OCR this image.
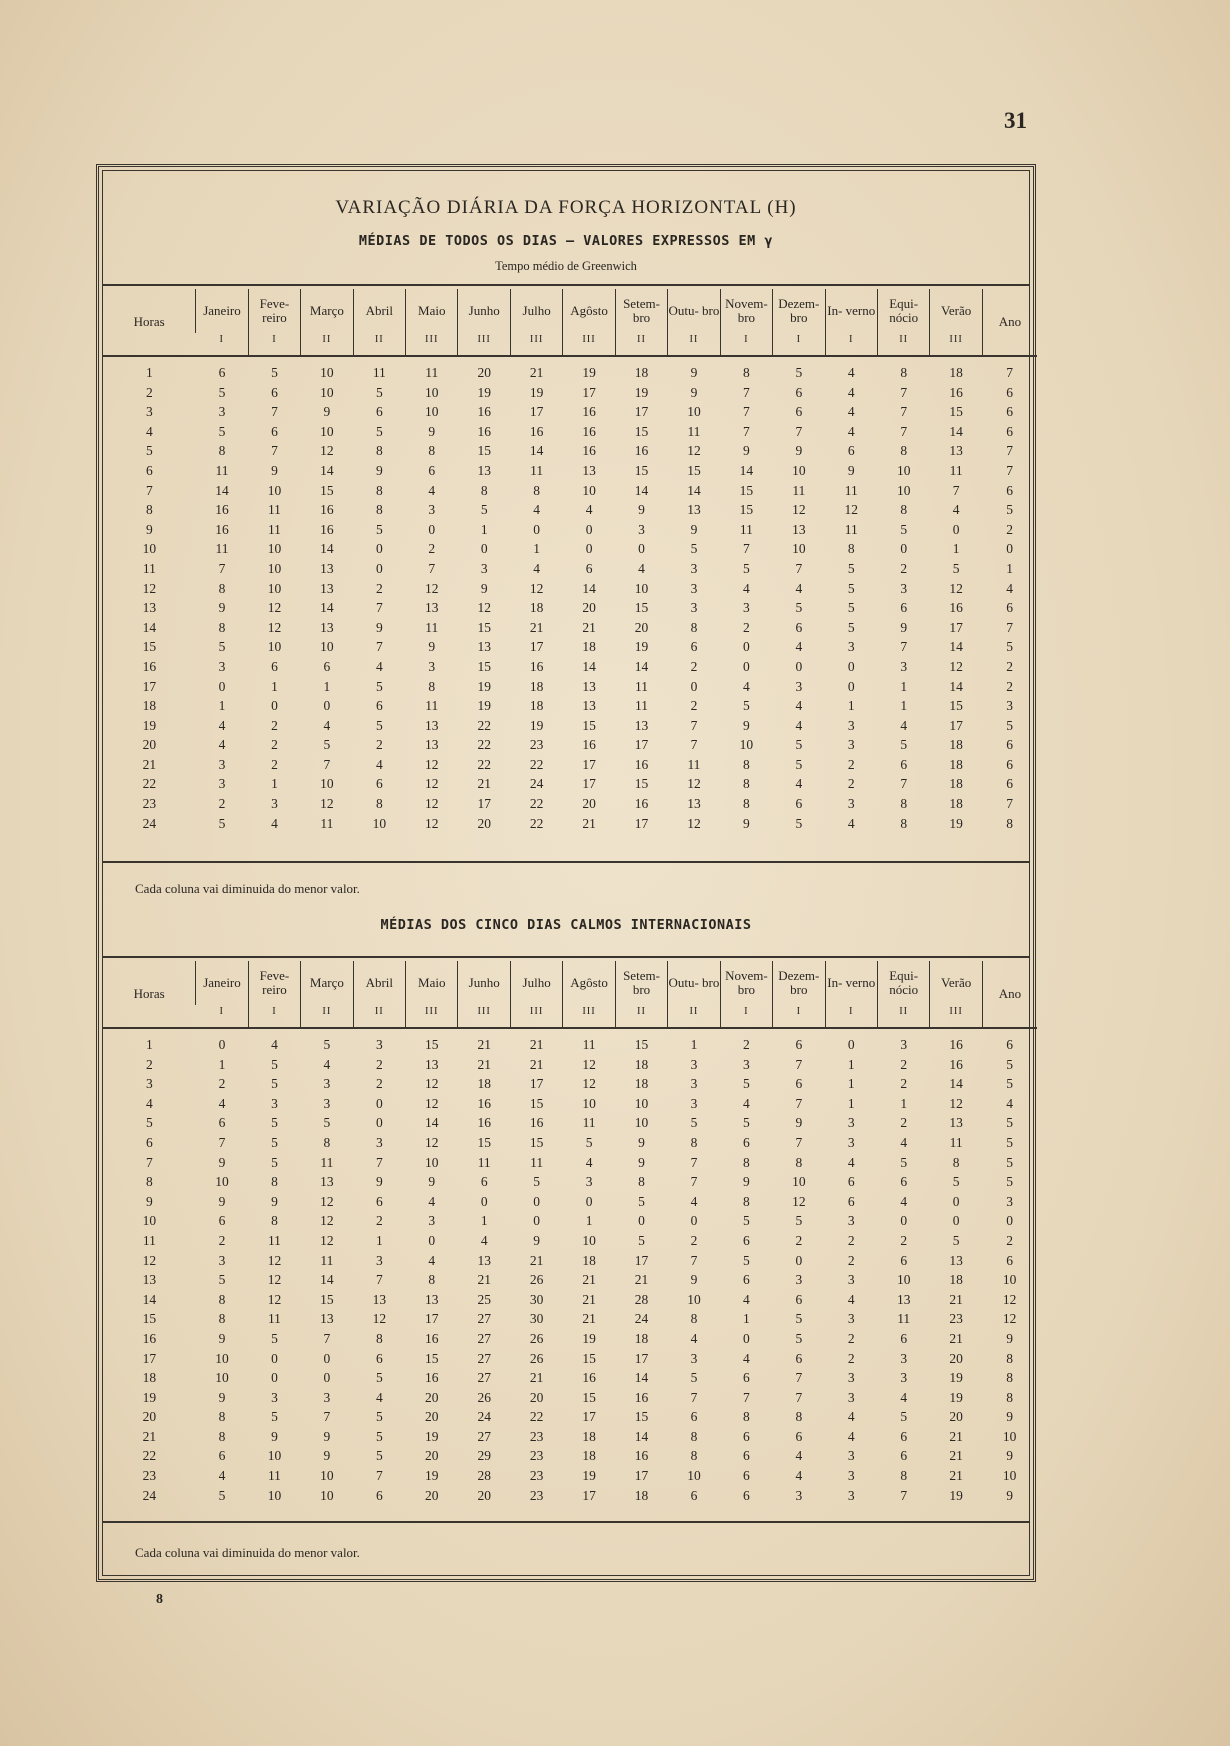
31
VARIAÇÃO DIÁRIA DA FORÇA HORIZONTAL (H)
MÉDIAS DE TODOS OS DIAS — VALORES EXPRESSOS EM γ
Tempo médio de Greenwich
Horas	Janeiro	Feve- reiro	Março	Abril	Maio	Junho	Julho	Agôsto	Setem- bro	Outu- bro	Novem- bro	Dezem- bro	In- verno	Equi- nócio	Verão	Ano
	I	I	II	II	III	III	III	III	II	II	I	I	I	II	III	
1	6	5	10	11	11	20	21	19	18	9	8	5	4	8	18	7
2	5	6	10	5	10	19	19	17	19	9	7	6	4	7	16	6
3	3	7	9	6	10	16	17	16	17	10	7	6	4	7	15	6
4	5	6	10	5	9	16	16	16	15	11	7	7	4	7	14	6
5	8	7	12	8	8	15	14	16	16	12	9	9	6	8	13	7
6	11	9	14	9	6	13	11	13	15	15	14	10	9	10	11	7
7	14	10	15	8	4	8	8	10	14	14	15	11	11	10	7	6
8	16	11	16	8	3	5	4	4	9	13	15	12	12	8	4	5
9	16	11	16	5	0	1	0	0	3	9	11	13	11	5	0	2
10	11	10	14	0	2	0	1	0	0	5	7	10	8	0	1	0
11	7	10	13	0	7	3	4	6	4	3	5	7	5	2	5	1
12	8	10	13	2	12	9	12	14	10	3	4	4	5	3	12	4
13	9	12	14	7	13	12	18	20	15	3	3	5	5	6	16	6
14	8	12	13	9	11	15	21	21	20	8	2	6	5	9	17	7
15	5	10	10	7	9	13	17	18	19	6	0	4	3	7	14	5
16	3	6	6	4	3	15	16	14	14	2	0	0	0	3	12	2
17	0	1	1	5	8	19	18	13	11	0	4	3	0	1	14	2
18	1	0	0	6	11	19	18	13	11	2	5	4	1	1	15	3
19	4	2	4	5	13	22	19	15	13	7	9	4	3	4	17	5
20	4	2	5	2	13	22	23	16	17	7	10	5	3	5	18	6
21	3	2	7	4	12	22	22	17	16	11	8	5	2	6	18	6
22	3	1	10	6	12	21	24	17	15	12	8	4	2	7	18	6
23	2	3	12	8	12	17	22	20	16	13	8	6	3	8	18	7
24	5	4	11	10	12	20	22	21	17	12	9	5	4	8	19	8
Cada coluna vai diminuida do menor valor.
MÉDIAS DOS CINCO DIAS CALMOS INTERNACIONAIS
Horas	Janeiro	Feve- reiro	Março	Abril	Maio	Junho	Julho	Agôsto	Setem- bro	Outu- bro	Novem- bro	Dezem- bro	In- verno	Equi- nócio	Verão	Ano
	I	I	II	II	III	III	III	III	II	II	I	I	I	II	III	
1	0	4	5	3	15	21	21	11	15	1	2	6	0	3	16	6
2	1	5	4	2	13	21	21	12	18	3	3	7	1	2	16	5
3	2	5	3	2	12	18	17	12	18	3	5	6	1	2	14	5
4	4	3	3	0	12	16	15	10	10	3	4	7	1	1	12	4
5	6	5	5	0	14	16	16	11	10	5	5	9	3	2	13	5
6	7	5	8	3	12	15	15	5	9	8	6	7	3	4	11	5
7	9	5	11	7	10	11	11	4	9	7	8	8	4	5	8	5
8	10	8	13	9	9	6	5	3	8	7	9	10	6	6	5	5
9	9	9	12	6	4	0	0	0	5	4	8	12	6	4	0	3
10	6	8	12	2	3	1	0	1	0	0	5	5	3	0	0	0
11	2	11	12	1	0	4	9	10	5	2	6	2	2	2	5	2
12	3	12	11	3	4	13	21	18	17	7	5	0	2	6	13	6
13	5	12	14	7	8	21	26	21	21	9	6	3	3	10	18	10
14	8	12	15	13	13	25	30	21	28	10	4	6	4	13	21	12
15	8	11	13	12	17	27	30	21	24	8	1	5	3	11	23	12
16	9	5	7	8	16	27	26	19	18	4	0	5	2	6	21	9
17	10	0	0	6	15	27	26	15	17	3	4	6	2	3	20	8
18	10	0	0	5	16	27	21	16	14	5	6	7	3	3	19	8
19	9	3	3	4	20	26	20	15	16	7	7	7	3	4	19	8
20	8	5	7	5	20	24	22	17	15	6	8	8	4	5	20	9
21	8	9	9	5	19	27	23	18	14	8	6	6	4	6	21	10
22	6	10	9	5	20	29	23	18	16	8	6	4	3	6	21	9
23	4	11	10	7	19	28	23	19	17	10	6	4	3	8	21	10
24	5	10	10	6	20	20	23	17	18	6	6	3	3	7	19	9
Cada coluna vai diminuida do menor valor.
8
